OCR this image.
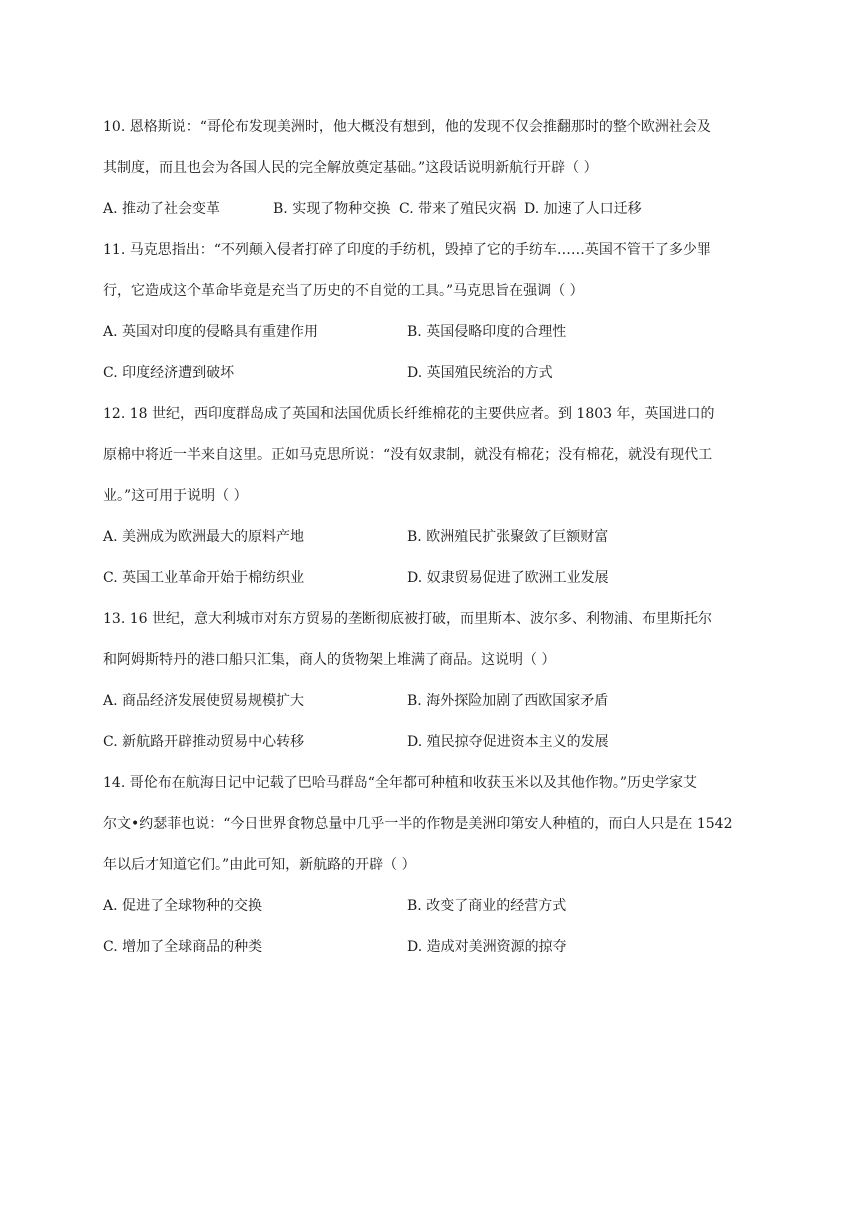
10. 恩格斯说：“哥伦布发现美洲时，他大概没有想到，他的发现不仅会推翻那时的整个欧洲社会及
其制度，而且也会为各国人民的完全解放奠定基础。”这段话说明新航行开辟（ ）
A. 推动了社会变革	B. 实现了物种交换 C. 带来了殖民灾祸 D. 加速了人口迁移
11. 马克思指出：“不列颠入侵者打碎了印度的手纺机，毁掉了它的手纺车……英国不管干了多少罪
行，它造成这个革命毕竟是充当了历史的不自觉的工具。”马克思旨在强调（ ）
A. 英国对印度的侵略具有重建作用	B. 英国侵略印度的合理性
C. 印度经济遭到破坏	D. 英国殖民统治的方式
12. 18 世纪，西印度群岛成了英国和法国优质长纤维棉花的主要供应者。到 1803 年，英国进口的
原棉中将近一半来自这里。正如马克思所说：“没有奴隶制，就没有棉花；没有棉花，就没有现代工
业。”这可用于说明（ ）
A. 美洲成为欧洲最大的原料产地	B. 欧洲殖民扩张聚敛了巨额财富
C. 英国工业革命开始于棉纺织业	D. 奴隶贸易促进了欧洲工业发展
13. 16 世纪，意大利城市对东方贸易的垄断彻底被打破，而里斯本、波尔多、利物浦、布里斯托尔
和阿姆斯特丹的港口船只汇集，商人的货物架上堆满了商品。这说明（ ）
A. 商品经济发展使贸易规模扩大	B. 海外探险加剧了西欧国家矛盾
C. 新航路开辟推动贸易中心转移	D. 殖民掠夺促进资本主义的发展
14. 哥伦布在航海日记中记载了巴哈马群岛“全年都可种植和收获玉米以及其他作物。”历史学家艾
尔文•约瑟菲也说：“今日世界食物总量中几乎一半的作物是美洲印第安人种植的，而白人只是在 1542
年以后才知道它们。”由此可知，新航路的开辟（ ）
A. 促进了全球物种的交换	B. 改变了商业的经营方式
C. 增加了全球商品的种类	D. 造成对美洲资源的掠夺
